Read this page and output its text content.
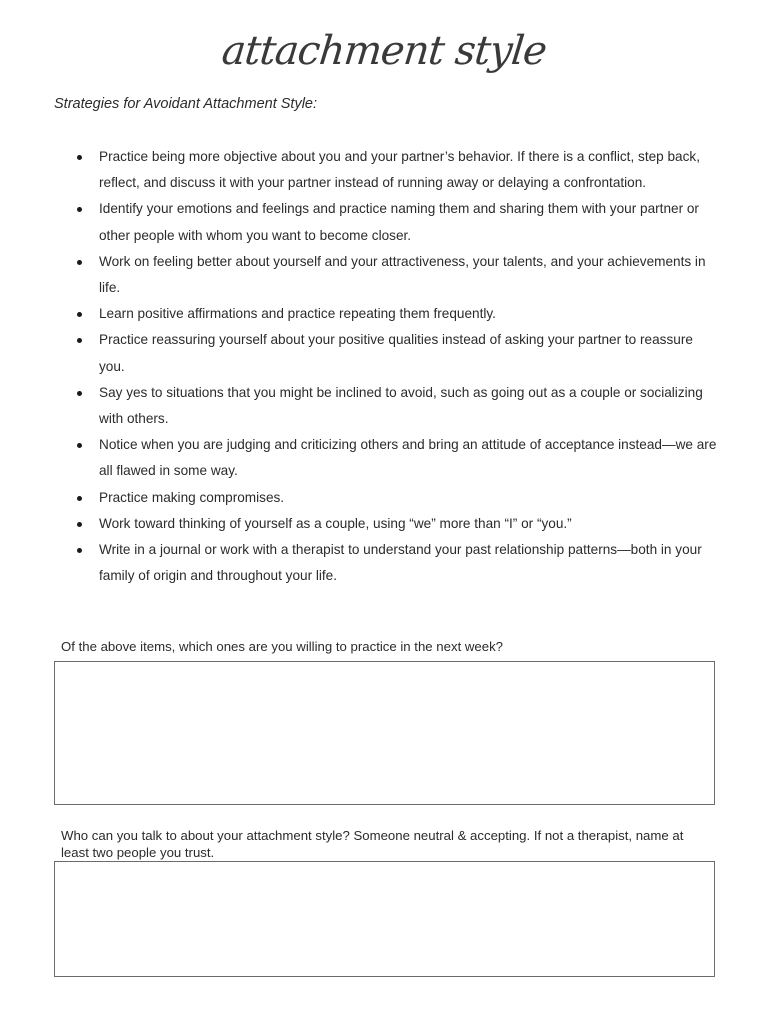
attachment style
Strategies for Avoidant Attachment Style:
Practice being more objective about you and your partner’s behavior. If there is a conflict, step back, reflect, and discuss it with your partner instead of running away or delaying a confrontation.
Identify your emotions and feelings and practice naming them and sharing them with your partner or other people with whom you want to become closer.
Work on feeling better about yourself and your attractiveness, your talents, and your achievements in life.
Learn positive affirmations and practice repeating them frequently.
Practice reassuring yourself about your positive qualities instead of asking your partner to reassure you.
Say yes to situations that you might be inclined to avoid, such as going out as a couple or socializing with others.
Notice when you are judging and criticizing others and bring an attitude of acceptance instead—we are all flawed in some way.
Practice making compromises.
Work toward thinking of yourself as a couple, using “we” more than “I” or “you.”
Write in a journal or work with a therapist to understand your past relationship patterns—both in your family of origin and throughout your life.
Of the above items, which ones are you willing to practice in the next week?
Who can you talk to about your attachment style? Someone neutral & accepting. If not a therapist, name at least two people you trust.
